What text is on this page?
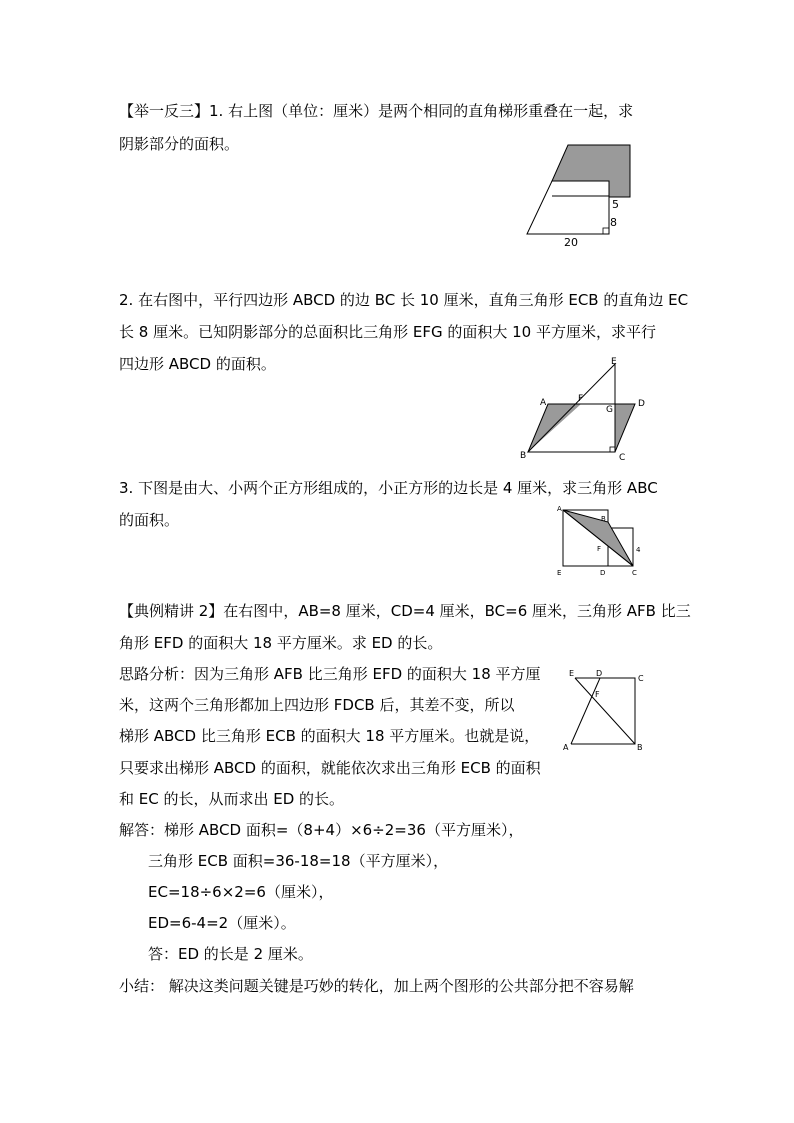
【举一反三】1. 右上图（单位：厘米）是两个相同的直角梯形重叠在一起，求
阴影部分的面积。
5
8
20
2. 在右图中，平行四边形 ABCD 的边 BC 长 10 厘米，直角三角形 ECB 的直角边 EC
长 8 厘米。已知阴影部分的总面积比三角形 EFG 的面积大 10 平方厘米，求平行
四边形 ABCD 的面积。
A
B	C
D
E
F
G
3. 下图是由大、小两个正方形组成的，小正方形的边长是 4 厘米，求三角形 ABC
的面积。
A
B
C
D
E
F	4
【典例精讲 2】在右图中，AB=8 厘米，CD=4 厘米，BC=6 厘米，三角形 AFB 比三
角形 EFD 的面积大 18 平方厘米。求 ED 的长。
思路分析：因为三角形 AFB 比三角形 EFD 的面积大 18 平方厘
米，这两个三角形都加上四边形 FDCB 后，其差不变，所以
梯形 ABCD 比三角形 ECB 的面积大 18 平方厘米。也就是说，
只要求出梯形 ABCD 的面积，就能依次求出三角形 ECB 的面积
和 EC 的长，从而求出 ED 的长。
解答：梯形 ABCD 面积=（8+4）×6÷2=36（平方厘米），
三角形 ECB 面积=36-18=18（平方厘米），
EC=18÷6×2=6（厘米），
ED=6-4=2（厘米）。
答：ED 的长是 2 厘米。
E	D
C
F
A	B
小结： 解决这类问题关键是巧妙的转化，加上两个图形的公共部分把不容易解
